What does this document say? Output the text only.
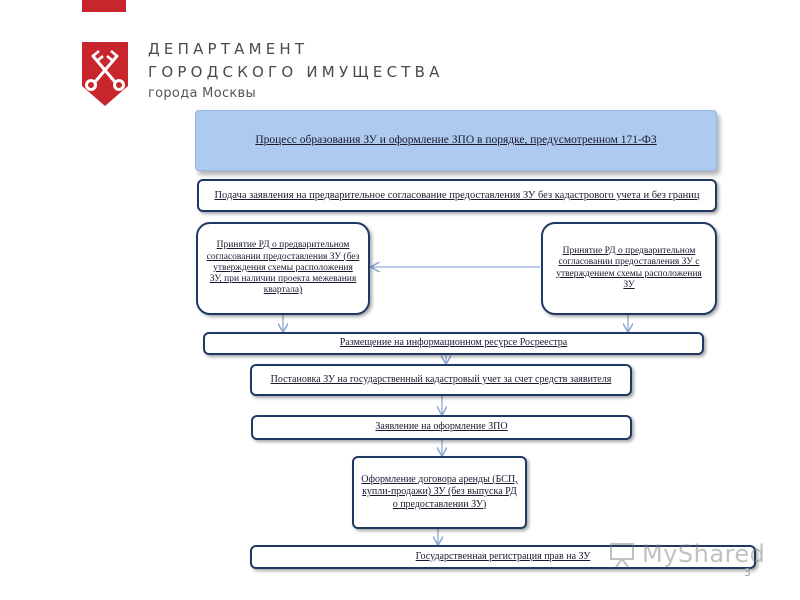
ДЕПАРТАМЕНТ
ГОРОДСКОГО ИМУЩЕСТВА
города Москвы
Процесс образования ЗУ и оформление ЗПО в порядке, предусмотренном 171-ФЗ
Подача заявления на предварительное согласование предоставления ЗУ без кадастрового учета и без границ
Принятие РД о предварительном согласовании предоставления ЗУ (без утверждения схемы расположения ЗУ, при наличии проекта межевания квартала)
Принятие РД о предварительном согласовании предоставления ЗУ с утверждением схемы расположения ЗУ
Размещение на информационном ресурсе Росреестра
Постановка ЗУ на государственный кадастровый учет за счет средств заявителя
Заявление на оформление ЗПО
Оформление договора аренды (БСП, купли-продажи) ЗУ (без выпуска РД о предоставлении ЗУ)
Государственная регистрация прав на ЗУ MyShared
3
